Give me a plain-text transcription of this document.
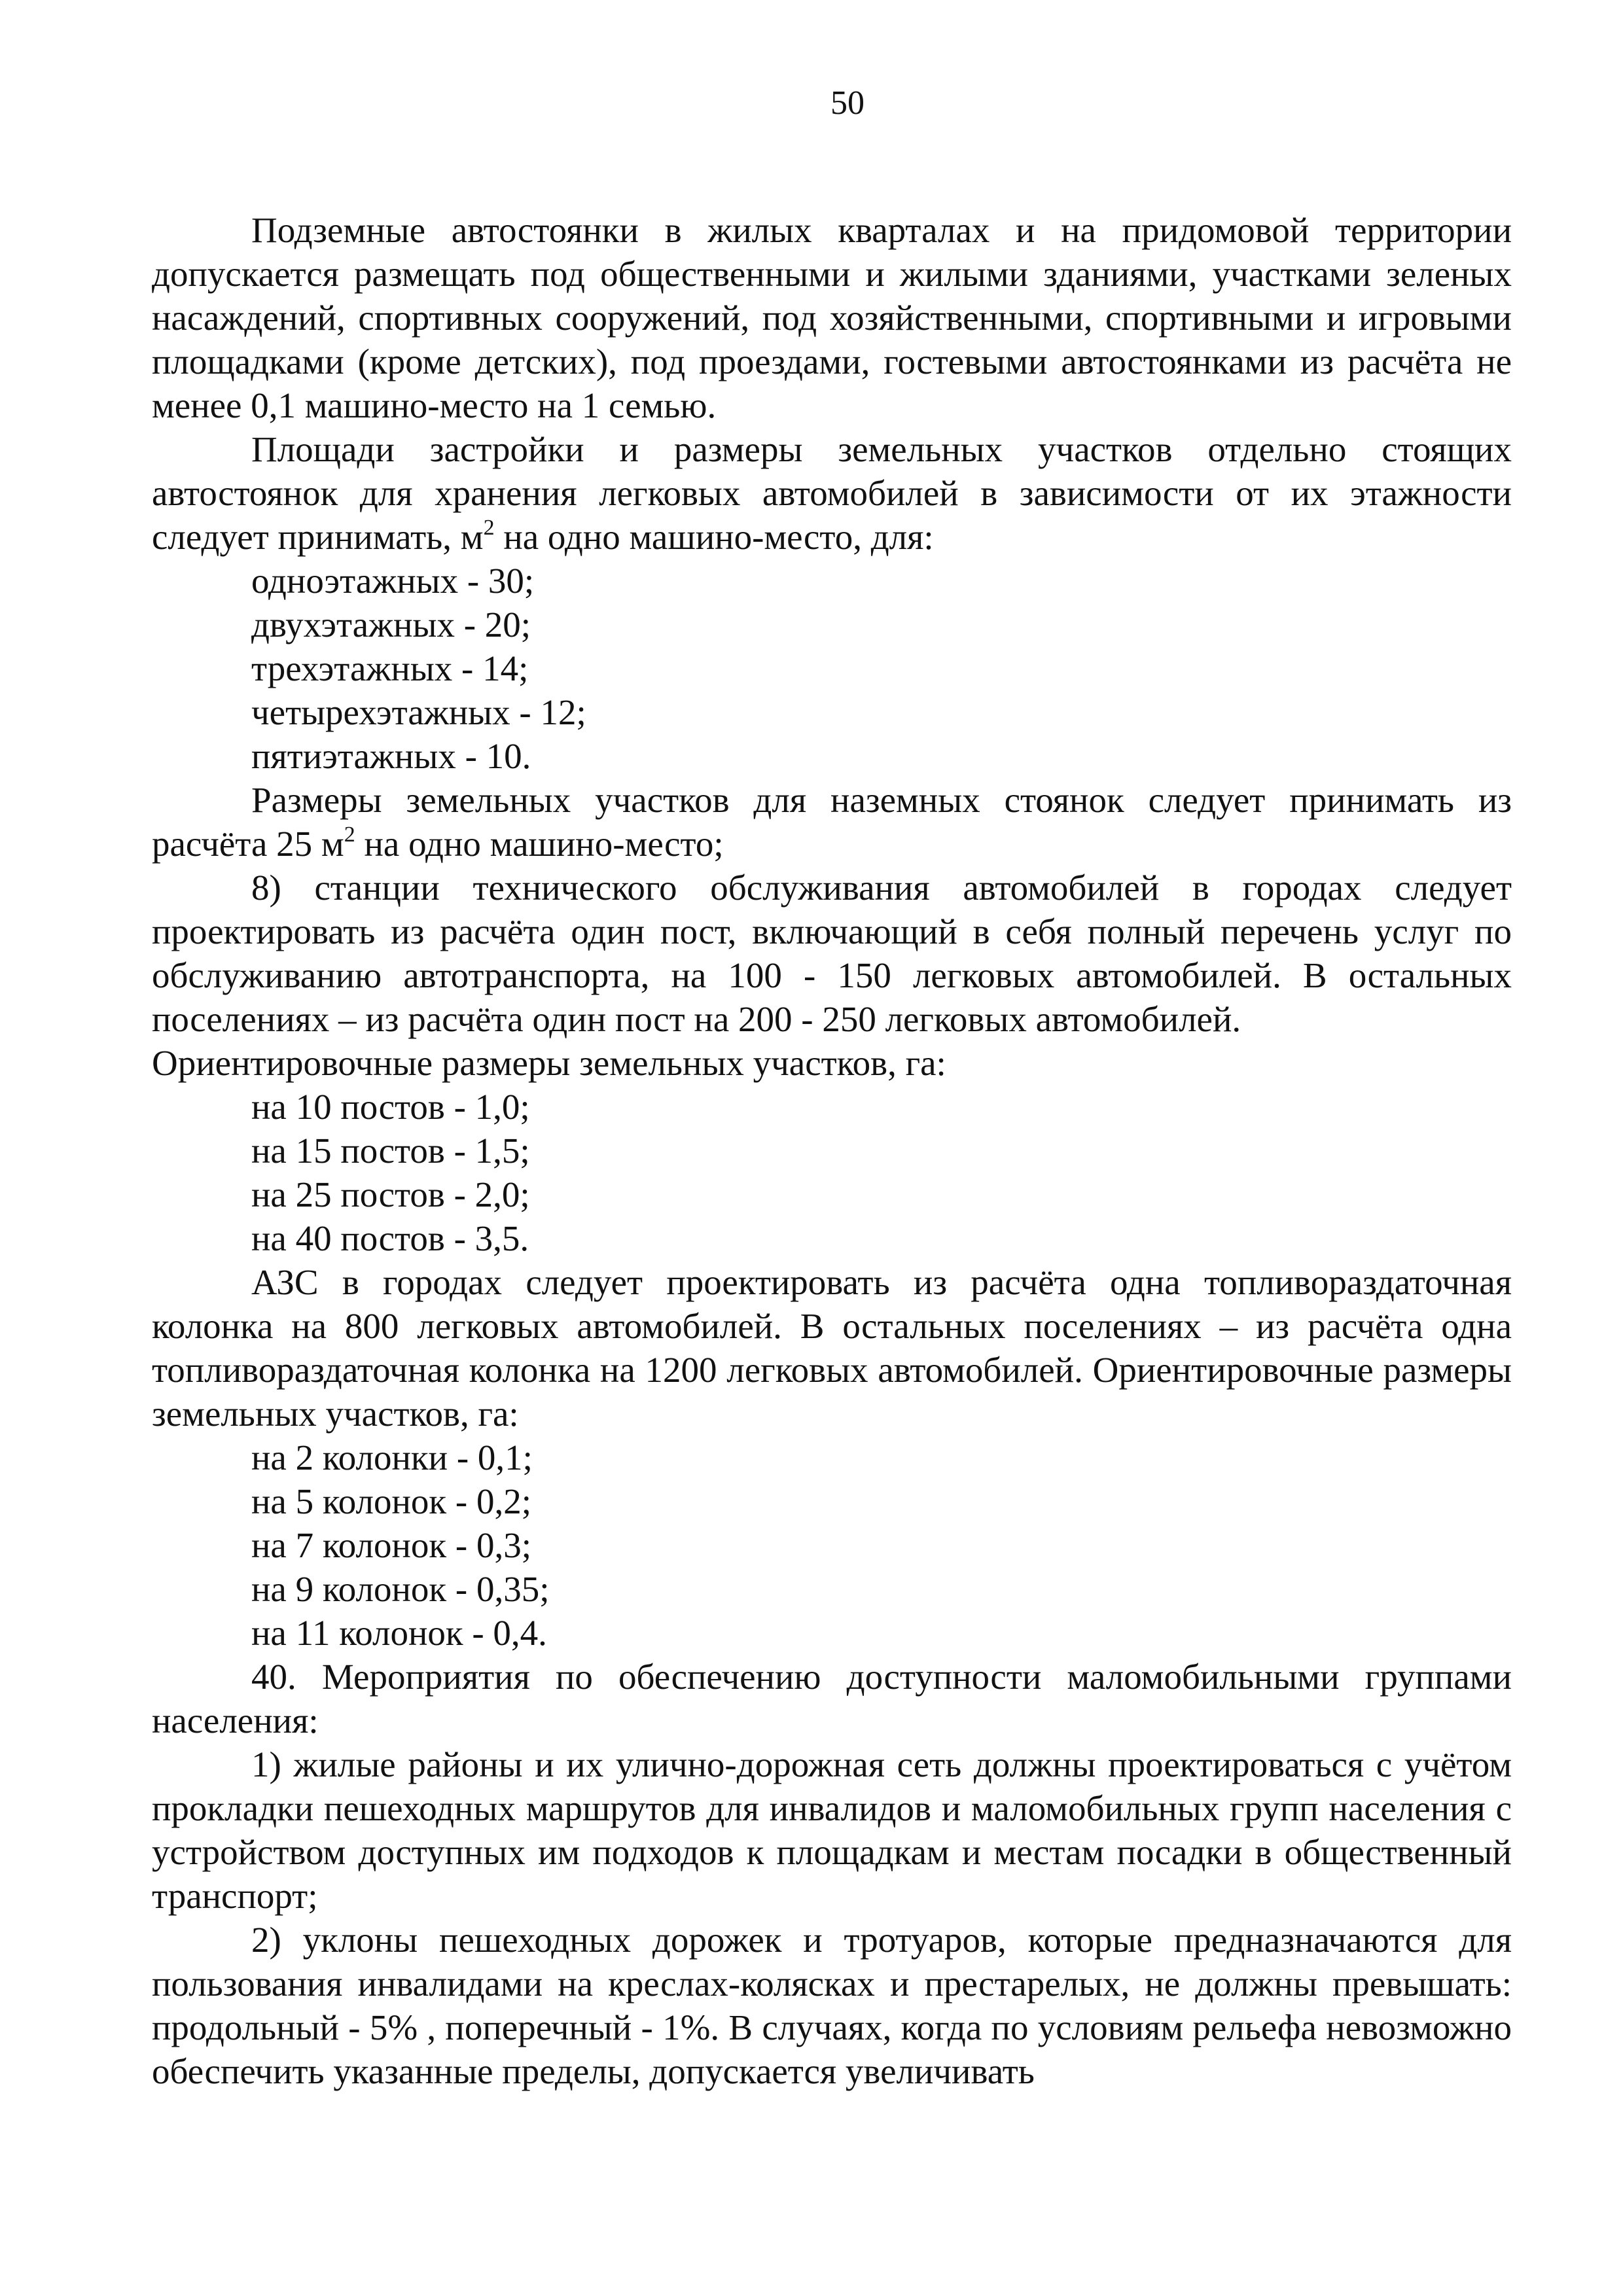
50

Подземные автостоянки в жилых кварталах и на придомовой территории допускается размещать под общественными и жилыми зданиями, участками зеленых насаждений, спортивных сооружений, под хозяйственными, спортивными и игровыми площадками (кроме детских), под проездами, гостевыми автостоянками из расчёта не менее 0,1 машино-место на 1 семью.

Площади застройки и размеры земельных участков отдельно стоящих автостоянок для хранения легковых автомобилей в зависимости от их этажности следует принимать, $м^2$ на одно машино-место, для:

одноэтажных - 30;

двухэтажных - 20;

трехэтажных - 14;

четырехэтажных - 12;

пятиэтажных - 10.

Размеры земельных участков для наземных стоянок следует принимать из расчёта 25 $м^2$ на одно машино-место;

8) станции технического обслуживания автомобилей в городах следует проектировать из расчёта один пост, включающий в себя полный перечень услуг по обслуживанию автотранспорта, на 100 - 150 легковых автомобилей. В остальных поселениях – из расчёта один пост на 200 - 250 легковых автомобилей.

Ориентировочные размеры земельных участков, га:

на 10 постов - 1,0;

на 15 постов - 1,5;

на 25 постов - 2,0;

на 40 постов - 3,5.

АЗС в городах следует проектировать из расчёта одна топливораздаточная колонка на 800 легковых автомобилей. В остальных поселениях – из расчёта одна топливораздаточная колонка на 1200 легковых автомобилей. Ориентировочные размеры земельных участков, га:

на 2 колонки - 0,1;

на 5 колонок - 0,2;

на 7 колонок - 0,3;

на 9 колонок - 0,35;

на 11 колонок - 0,4.

40. Мероприятия по обеспечению доступности маломобильными группами населения:

1) жилые районы и их улично-дорожная сеть должны проектироваться с учётом прокладки пешеходных маршрутов для инвалидов и маломобильных групп населения с устройством доступных им подходов к площадкам и местам посадки в общественный транспорт;

2) уклоны пешеходных дорожек и тротуаров, которые предназначаются для пользования инвалидами на креслах-колясках и престарелых, не должны превышать: продольный - 5% , поперечный - 1%. В случаях, когда по условиям рельефа невозможно обеспечить указанные пределы, допускается увеличивать
